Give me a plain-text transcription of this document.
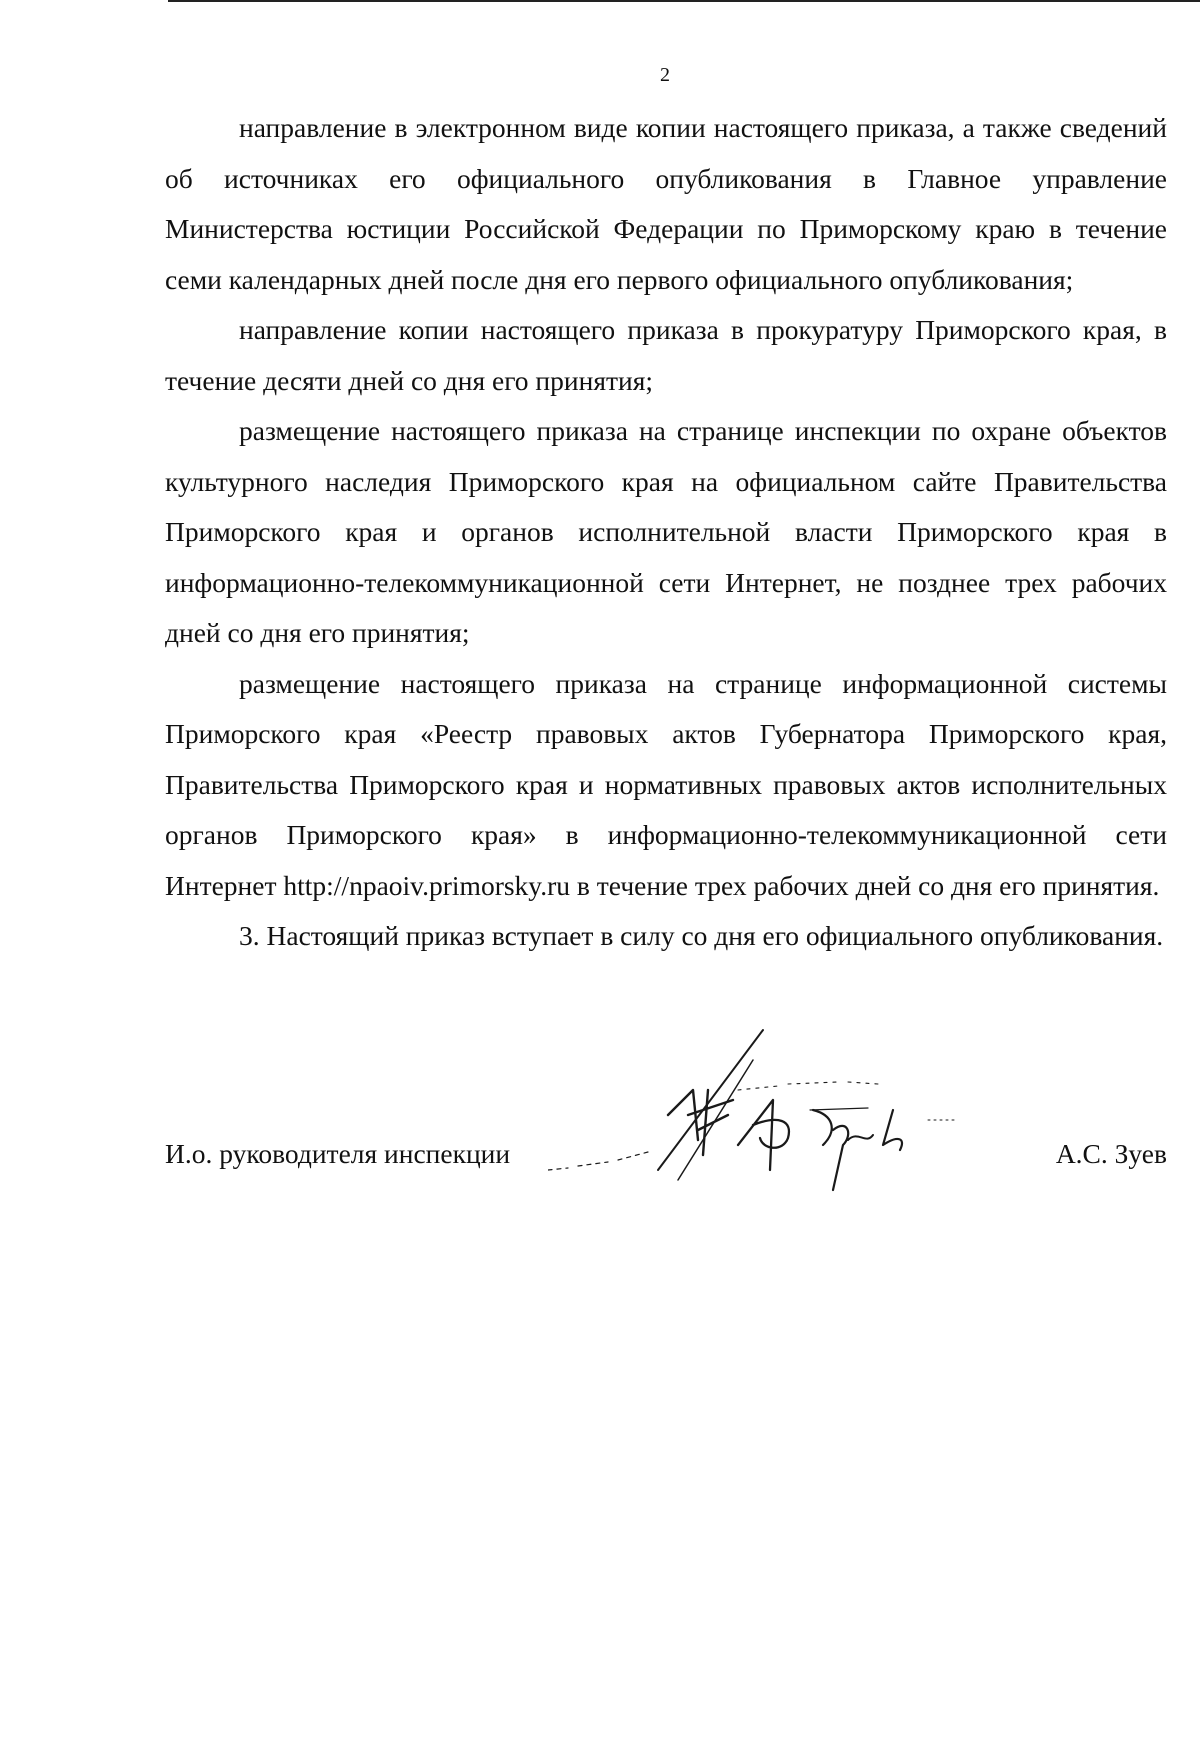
2

направление в электронном виде копии настоящего приказа, а также сведений об источниках его официального опубликования в Главное управление Министерства юстиции Российской Федерации по Приморскому краю в течение семи календарных дней после дня его первого официального опубликования;

направление копии настоящего приказа в прокуратуру Приморского края, в течение десяти дней со дня его принятия;

размещение настоящего приказа на странице инспекции по охране объектов культурного наследия Приморского края на официальном сайте Правительства Приморского края и органов исполнительной власти Приморского края в информационно-телекоммуникационной сети Интернет, не позднее трех рабочих дней со дня его принятия;

размещение настоящего приказа на странице информационной системы Приморского края «Реестр правовых актов Губернатора Приморского края, Правительства Приморского края и нормативных правовых актов исполнительных органов Приморского края» в информационно-телекоммуникационной сети Интернет http://npaoiv.primorsky.ru в течение трех рабочих дней со дня его принятия.

3. Настоящий приказ вступает в силу со дня его официального опубликования.

И.о. руководителя инспекции	А.С. Зуев
